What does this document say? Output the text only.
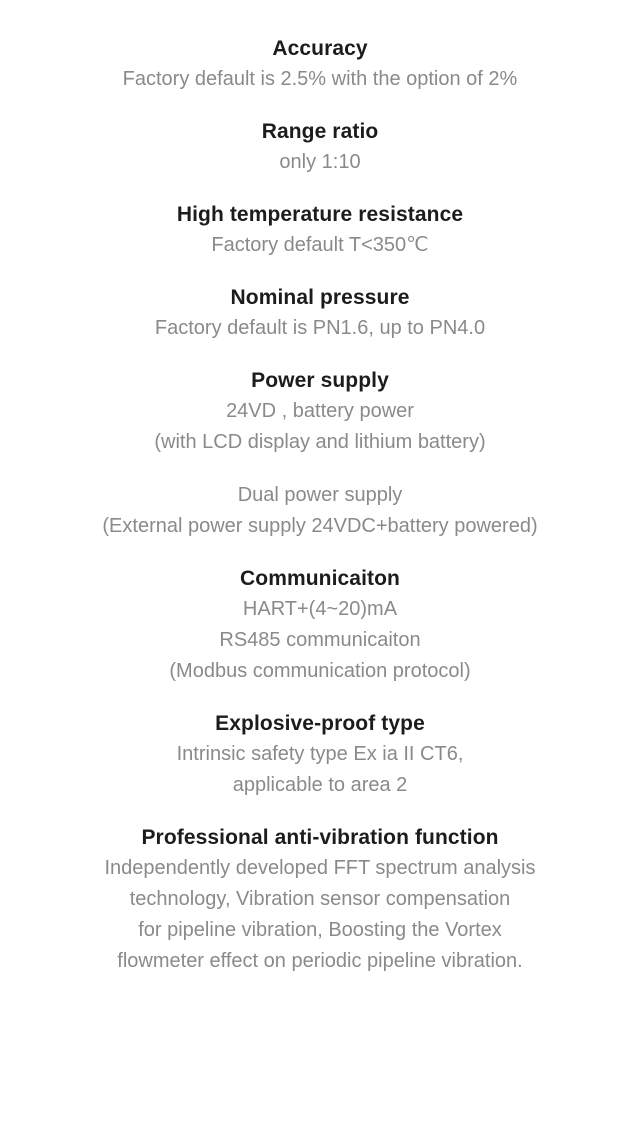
Accuracy
Factory default is 2.5% with the option of 2%
Range ratio
only 1:10
High temperature resistance
Factory default T<350℃
Nominal pressure
Factory default is PN1.6, up to PN4.0
Power supply
24VD , battery power
(with LCD display and lithium battery)
Dual power supply
(External power supply 24VDC+battery powered)
Communicaiton
HART+(4~20)mA
RS485 communicaiton
(Modbus communication protocol)
Explosive-proof type
Intrinsic safety type Ex ia II CT6,
applicable to area 2
Professional anti-vibration function
Independently developed FFT spectrum analysis
technology, Vibration sensor compensation
for pipeline vibration, Boosting the Vortex
flowmeter effect on periodic pipeline vibration.
